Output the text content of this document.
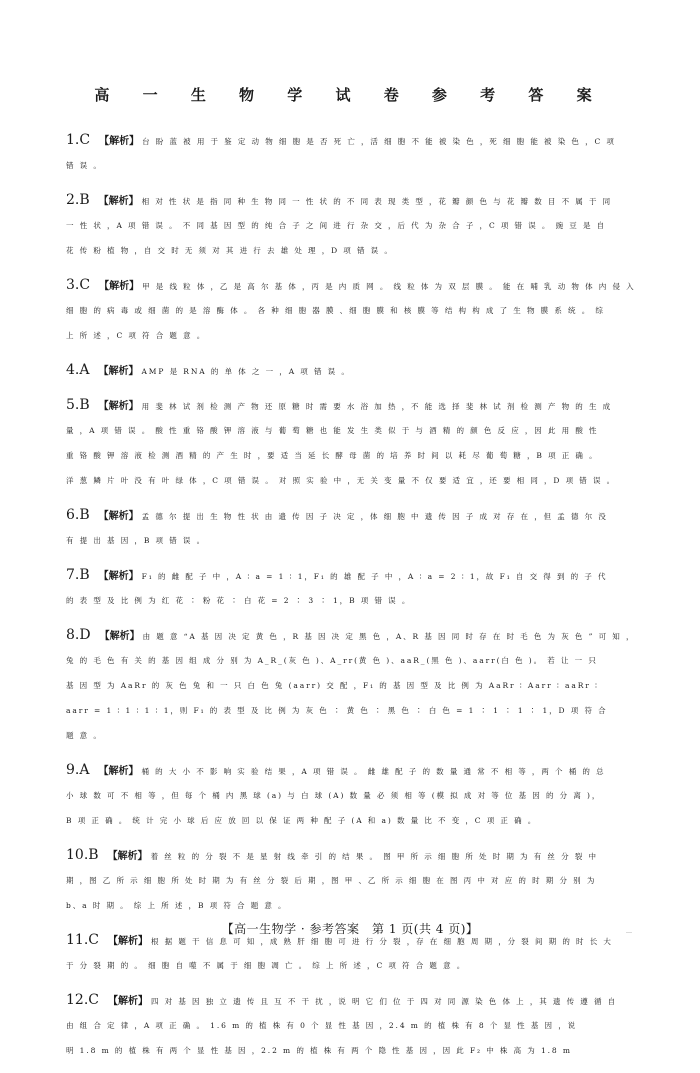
高 一 生 物 学 试 卷 参 考 答 案
1.C 【解析】 台 盼 蓝 被 用 于 鉴 定 动 物 细 胞 是 否 死 亡 ，活 细 胞 不 能 被 染 色 ，死 细 胞 能 被 染 色 ，C 项
错 误 。
2.B 【解析】 相 对 性 状 是 指 同 种 生 物 同 一 性 状 的 不 同 表 现 类 型 ，花 瓣 颜 色 与 花 瓣 数 目 不 属 于 同
一 性 状 ，A 项 错 误 。 不 同 基 因 型 的 纯 合 子 之 间 进 行 杂 交 ，后 代 为 杂 合 子 ，C 项 错 误 。 豌 豆 是 自
花 传 粉 植 物 ，自 交 时 无 须 对 其 进 行 去 雄 处 理 ，D 项 错 误 。
3.C 【解析】 甲 是 线 粒 体 ，乙 是 高 尔 基 体 ，丙 是 内 质 网 。 线 粒 体 为 双 层 膜 。 能 在 哺 乳 动 物 体 内 侵 入
细 胞 的 病 毒 或 细 菌 的 是 溶 酶 体 。 各 种 细 胞 器 膜 、细 胞 膜 和 核 膜 等 结 构 构 成 了 生 物 膜 系 统 。 综
上 所 述 ，C 项 符 合 题 意 。
4.A 【解析】 AMP 是 RNA 的 单 体 之 一 ，A 项 错 误 。
5.B 【解析】 用 斐 林 试 剂 检 测 产 物 还 原 糖 时 需 要 水 浴 加 热 ，不 能 选 择 斐 林 试 剂 检 测 产 物 的 生 成
量 ，A 项 错 误 。 酸 性 重 铬 酸 钾 溶 液 与 葡 萄 糖 也 能 发 生 类 似 于 与 酒 精 的 颜 色 反 应 ，因 此 用 酸 性
重 铬 酸 钾 溶 液 检 测 酒 精 的 产 生 时 ，要 适 当 延 长 酵 母 菌 的 培 养 时 间 以 耗 尽 葡 萄 糖 ，B 项 正 确 。
洋 葱 鳞 片 叶 没 有 叶 绿 体 ，C 项 错 误 。 对 照 实 验 中 ，无 关 变 量 不 仅 要 适 宜 ，还 要 相 同 ，D 项 错 误 。
6.B 【解析】 孟 德 尔 提 出 生 物 性 状 由 遗 传 因 子 决 定 ，体 细 胞 中 遗 传 因 子 成 对 存 在 ，但 孟 德 尔 没
有 提 出 基 因 ，B 项 错 误 。
7.B 【解析】 F₁ 的 雌 配 子 中 ，A ∶ a = 1 ∶ 1，F₁ 的 雄 配 子 中 ，A ∶ a = 2 ∶ 1，故 F₁ 自 交 得 到 的 子 代
的 表 型 及 比 例 为 红 花 ∶ 粉 花 ∶ 白 花 = 2 ∶ 3 ∶ 1，B 项 错 误 。
8.D 【解析】 由 题 意 “A 基 因 决 定 黄 色 ，R 基 因 决 定 黑 色 ，A、R 基 因 同 时 存 在 时 毛 色 为 灰 色 ” 可 知 ，
兔 的 毛 色 有 关 的 基 因 组 成 分 别 为 A_R_(灰 色 )、A_rr(黄 色 )、aaR_(黑 色 )、aarr(白 色 )。 若 让 一 只
基 因 型 为 AaRr 的 灰 色 兔 和 一 只 白 色 兔 (aarr) 交 配 ，F₁ 的 基 因 型 及 比 例 为 AaRr ∶ Aarr ∶ aaRr ∶
aarr = 1 ∶ 1 ∶ 1 ∶ 1，则 F₁ 的 表 型 及 比 例 为 灰 色 ∶ 黄 色 ∶ 黑 色 ∶ 白 色 = 1 ∶ 1 ∶ 1 ∶ 1，D 项 符 合
题 意 。
9.A 【解析】 桶 的 大 小 不 影 响 实 验 结 果 ，A 项 错 误 。 雌 雄 配 子 的 数 量 通 常 不 相 等 ，两 个 桶 的 总
小 球 数 可 不 相 等 ，但 每 个 桶 内 黑 球 (a) 与 白 球 (A) 数 量 必 须 相 等 (模 拟 成 对 等 位 基 因 的 分 离 )，
B 项 正 确 。 统 计 完 小 球 后 应 放 回 以 保 证 两 种 配 子 (A 和 a) 数 量 比 不 变 ，C 项 正 确 。
10.B 【解析】 着 丝 粒 的 分 裂 不 是 星 射 线 牵 引 的 结 果 。 图 甲 所 示 细 胞 所 处 时 期 为 有 丝 分 裂 中
期 ，图 乙 所 示 细 胞 所 处 时 期 为 有 丝 分 裂 后 期 ，图 甲 、乙 所 示 细 胞 在 图 丙 中 对 应 的 时 期 分 别 为
b、a 时 期 。 综 上 所 述 ，B 项 符 合 题 意 。
11.C 【解析】 根 据 题 干 信 息 可 知 ，成 熟 肝 细 胞 可 进 行 分 裂 ，存 在 细 胞 周 期 ，分 裂 间 期 的 时 长 大
于 分 裂 期 的 。 细 胞 自 噬 不 属 于 细 胞 凋 亡 。 综 上 所 述 ，C 项 符 合 题 意 。
12.C 【解析】 四 对 基 因 独 立 遗 传 且 互 不 干 扰 ，说 明 它 们 位 于 四 对 同 源 染 色 体 上 ，其 遗 传 遵 循 自
由 组 合 定 律 ，A 项 正 确 。 1.6 m 的 植 株 有 0 个 显 性 基 因 ，2.4 m 的 植 株 有 8 个 显 性 基 因 ，说
明 1.8 m 的 植 株 有 两 个 显 性 基 因 ，2.2 m 的 植 株 有 两 个 隐 性 基 因 ，因 此 F₂ 中 株 高 为 1.8 m
【高一生物学 · 参考答案　第 1 页(共 4 页)】	…
